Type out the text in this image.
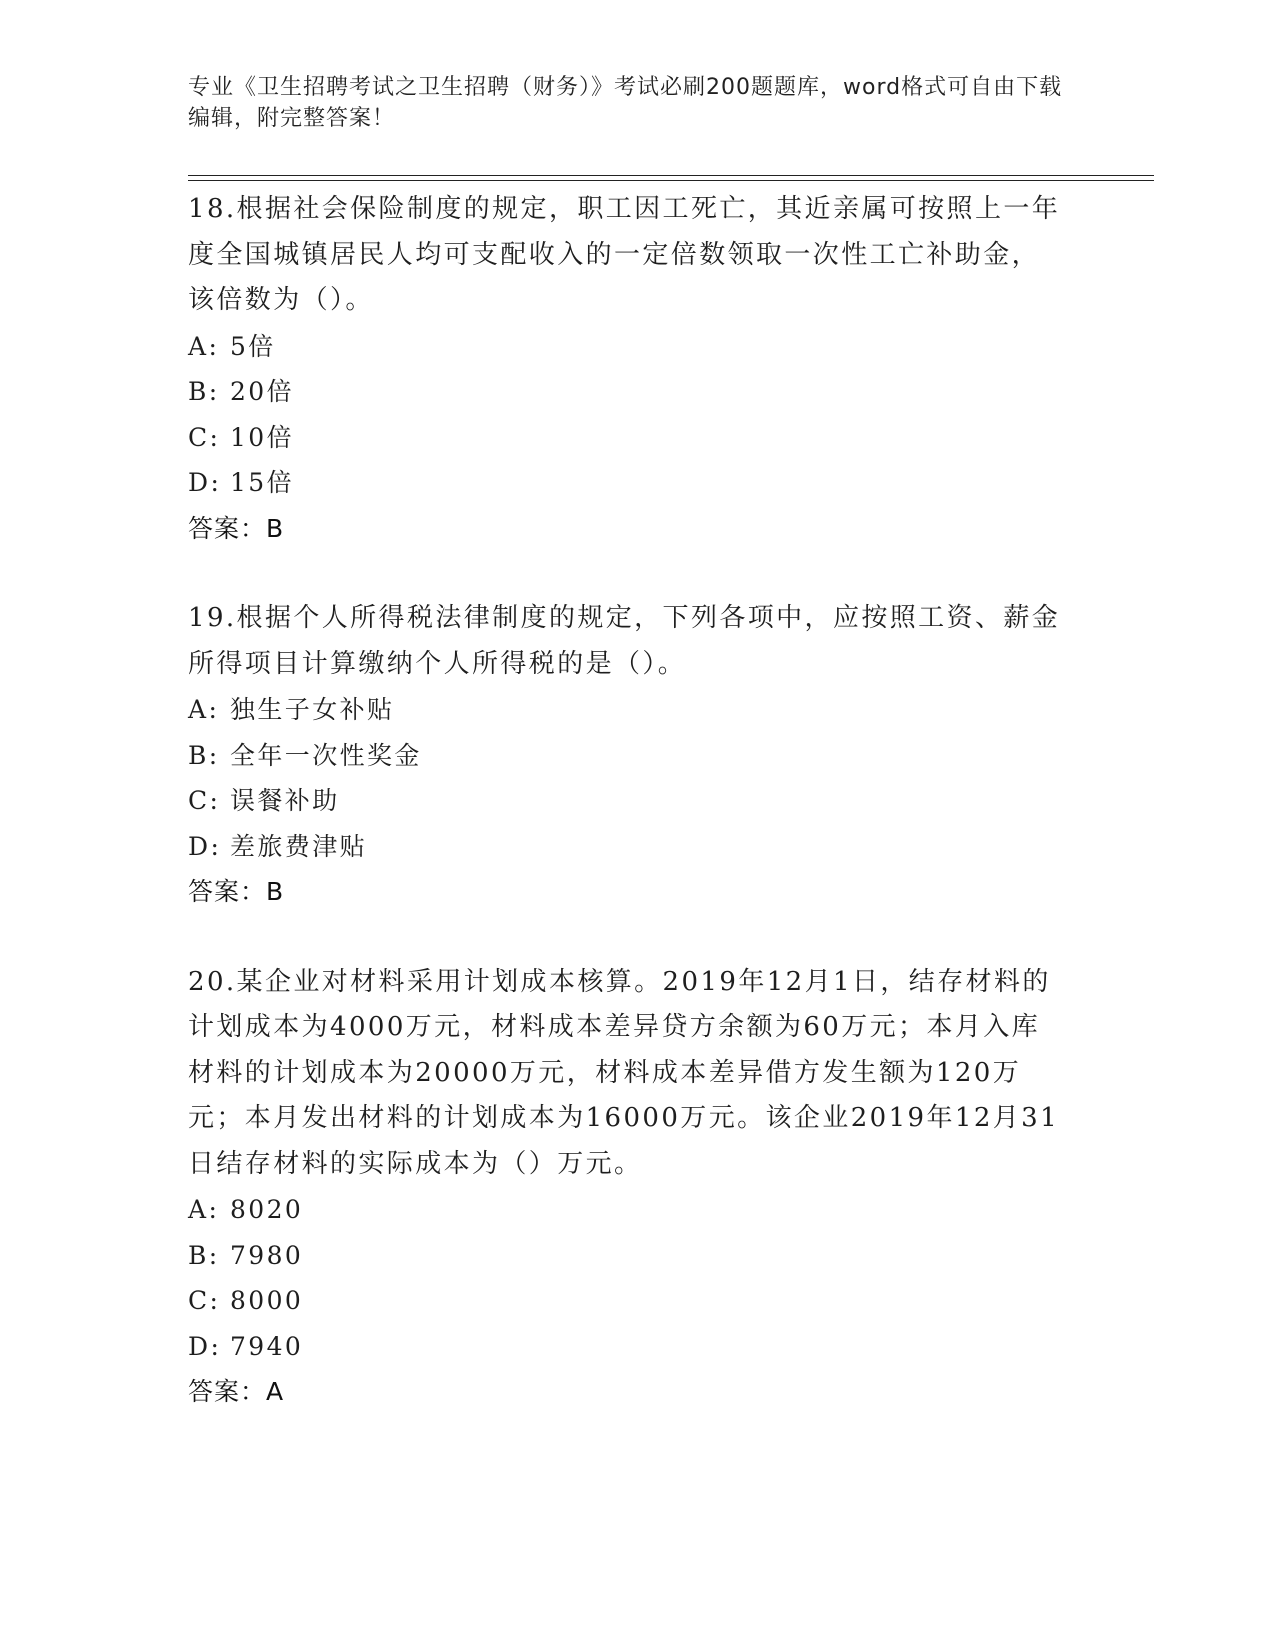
专业《卫生招聘考试之卫生招聘（财务）》考试必刷200题题库，word格式可自由下载编辑，附完整答案！

18.根据社会保险制度的规定，职工因工死亡，其近亲属可按照上一年度全国城镇居民人均可支配收入的一定倍数领取一次性工亡补助金，该倍数为（）。

A: 5倍
B: 20倍
C: 10倍
D: 15倍
答案：B

19.根据个人所得税法律制度的规定，下列各项中，应按照工资、薪金所得项目计算缴纳个人所得税的是（）。

A: 独生子女补贴
B: 全年一次性奖金
C: 误餐补助
D: 差旅费津贴
答案：B

20.某企业对材料采用计划成本核算。2019年12月1日，结存材料的计划成本为4000万元，材料成本差异贷方余额为60万元；本月入库材料的计划成本为20000万元，材料成本差异借方发生额为120万元；本月发出材料的计划成本为16000万元。该企业2019年12月31日结存材料的实际成本为（）万元。

A: 8020
B: 7980
C: 8000
D: 7940
答案：A
